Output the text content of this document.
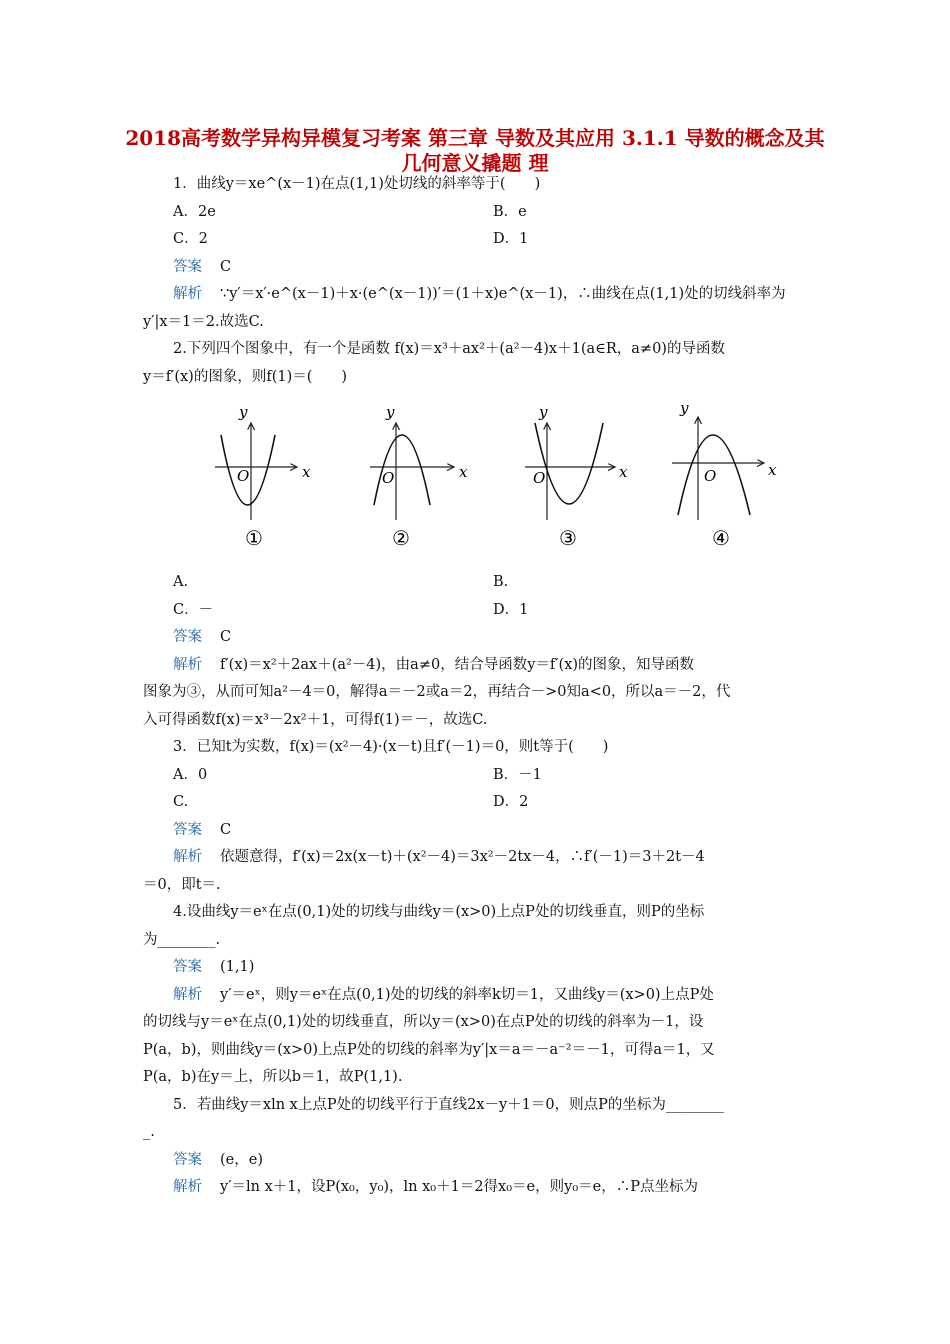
2018高考数学异构异模复习考案 第三章 导数及其应用 3.1.1 导数的概念及其几何意义撬题 理

1．曲线y＝xe^(x－1)在点(1,1)处切线的斜率等于(　　)

A．2e	B．e
C．2	D．1

答案 C

解析 ∵y′＝x′·e^(x－1)＋x·(e^(x－1))′＝(1＋x)e^(x－1)，∴曲线在点(1,1)处的切线斜率为

y′|x＝1＝2.故选C.

2.下列四个图象中，有一个是函数 f(x)＝x³＋ax²＋(a²－4)x＋1(a∈R，a≠0)的导函数

y＝f′(x)的图象，则f(1)＝(　　)

y
x
O
①
y
x
O
②
y
x
O
③
y
x
O
④
A.	B.
C．－	D．1

答案 C

解析 f′(x)＝x²＋2ax＋(a²－4)，由a≠0，结合导函数y＝f′(x)的图象，知导函数

图象为③，从而可知a²－4＝0，解得a＝－2或a＝2，再结合－>0知a<0，所以a＝－2，代

入可得函数f(x)＝x³－2x²＋1，可得f(1)＝－，故选C.

3．已知t为实数，f(x)＝(x²－4)·(x－t)且f′(－1)＝0，则t等于(　　)

A．0	B．－1
C.	D．2

答案 C

解析 依题意得，f′(x)＝2x(x－t)＋(x²－4)＝3x²－2tx－4，∴f′(－1)＝3＋2t－4

＝0，即t＝.

4.设曲线y＝eˣ在点(0,1)处的切线与曲线y＝(x>0)上点P处的切线垂直，则P的坐标

为________.

答案 (1,1)

解析 y′＝eˣ，则y＝eˣ在点(0,1)处的切线的斜率k切＝1，又曲线y＝(x>0)上点P处

的切线与y＝eˣ在点(0,1)处的切线垂直，所以y＝(x>0)在点P处的切线的斜率为－1，设

P(a，b)，则曲线y＝(x>0)上点P处的切线的斜率为y′|x＝a＝－a⁻²＝－1，可得a＝1，又

P(a，b)在y＝上，所以b＝1，故P(1,1).

5．若曲线y＝xln x上点P处的切线平行于直线2x－y＋1＝0，则点P的坐标为________

_.

答案 (e，e)

解析 y′＝ln x＋1，设P(x₀，y₀)，ln x₀＋1＝2得x₀＝e，则y₀＝e，∴P点坐标为
